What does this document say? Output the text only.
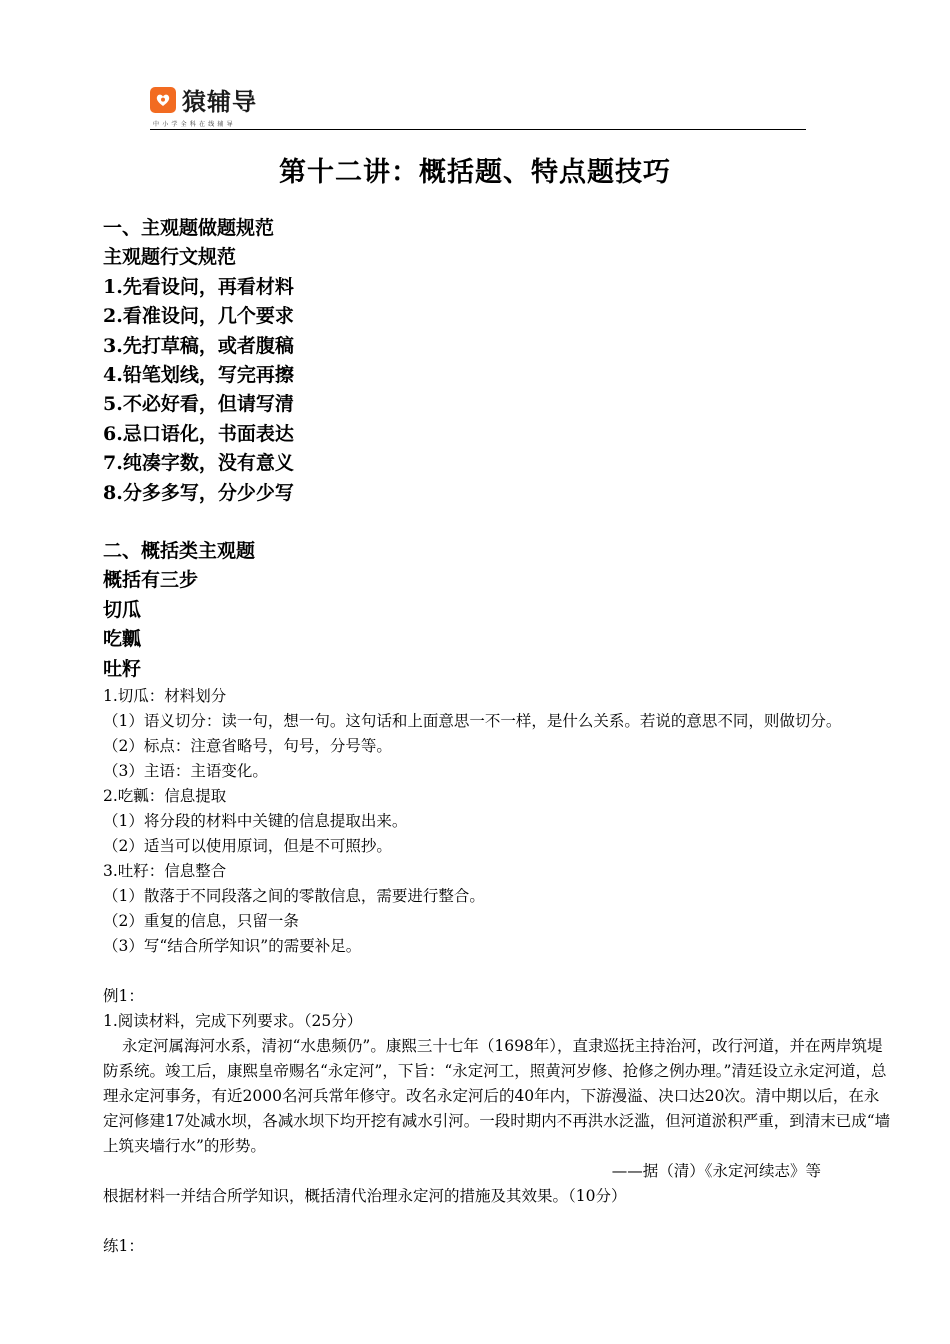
猿辅导
中小学全科在线辅导
第十二讲：概括题、特点题技巧
一、主观题做题规范
主观题行文规范
1.先看设问，再看材料
2.看准设问，几个要求
3.先打草稿，或者腹稿
4.铅笔划线，写完再擦
5.不必好看，但请写清
6.忌口语化，书面表达
7.纯凑字数，没有意义
8.分多多写，分少少写
二、概括类主观题
概括有三步
切瓜
吃瓤
吐籽
1.切瓜：材料划分
（1）语义切分：读一句，想一句。这句话和上面意思一不一样，是什么关系。若说的意思不同，则做切分。
（2）标点：注意省略号，句号，分号等。
（3）主语：主语变化。
2.吃瓤：信息提取
（1）将分段的材料中关键的信息提取出来。
（2）适当可以使用原词，但是不可照抄。
3.吐籽：信息整合
（1）散落于不同段落之间的零散信息，需要进行整合。
（2）重复的信息，只留一条
（3）写“结合所学知识”的需要补足。
例1：
1.阅读材料，完成下列要求。（25分）
永定河属海河水系，清初“水患频仍”。康熙三十七年（1698年），直隶巡抚主持治河，改行河道，并在两岸筑堤防系统。竣工后，康熙皇帝赐名“永定河”，下旨：“永定河工，照黄河岁修、抢修之例办理。”清廷设立永定河道，总理永定河事务，有近2000名河兵常年修守。改名永定河后的40年内，下游漫溢、决口达20次。清中期以后，在永定河修建17处减水坝，各减水坝下均开挖有减水引河。一段时期内不再洪水泛滥，但河道淤积严重，到清末已成“墙上筑夹墙行水”的形势。
——据（清）《永定河续志》等
根据材料一并结合所学知识，概括清代治理永定河的措施及其效果。（10分）
练1：
